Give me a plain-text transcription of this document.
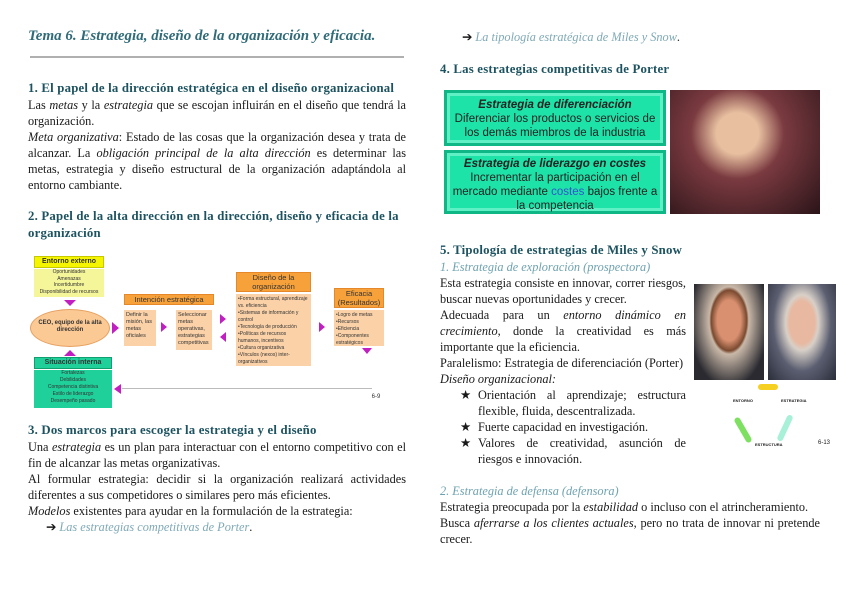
Tema 6. Estrategia, diseño de la organización y eficacia.
1. El papel de la dirección estratégica en el diseño organizacional

Las metas y la estrategia que se escojan influirán en el diseño que tendrá la organización.

Meta organizativa: Estado de las cosas que la organización desea y trata de alcanzar. La obligación principal de la alta dirección es determinar las metas, estrategia y diseño estructural de la organización adaptándola al entorno cambiante.

2. Papel de la alta dirección en la dirección, diseño y eficacia de la organización
Entorno externo
Oportunidades
Amenazas
Incertidumbre
Disponibilidad de recursos
CEO, equipo de la alta dirección
Situación interna
Fortalezas
Debilidades
Competencia distintiva
Estilo de liderazgo
Desempeño pasado
Intención estratégica
Definir la misión, las metas oficiales
Seleccionar metas operativas, estrategias competitivas
Diseño de la organización
•Forma estructural, aprendizaje vs. eficiencia
•Sistemas de información y control
•Tecnología de producción
•Políticas de recursos humanos, incentivos
•Cultura organizativa
•Vínculos (nexos) inter-organizativos
Eficacia (Resultados)
•Logro de metas
•Recursos
•Eficiencia
•Componentes estratégicos
6-9
3. Dos marcos para escoger la estrategia y el diseño

Una estrategia es un plan para interactuar con el entorno competitivo con el fin de alcanzar las metas organizativas.

Al formular estrategia: decidir si la organización realizará actividades diferentes a sus competidores o similares pero más eficientes.

Modelos existentes para ayudar en la formulación de la estrategia:

➔ Las estrategias competitivas de Porter.
➔ La tipología estratégica de Miles y Snow.
4. Las estrategias competitivas de Porter
Estrategia de diferenciación
Diferenciar los productos o servicios de los demás miembros de la industria
Estrategia de liderazgo en costes
Incrementar la participación en el mercado mediante costes bajos frente a la competencia
5. Tipología de estrategias de Miles y Snow
1. Estrategia de exploración (prospectora)

Esta estrategia consiste en innovar, correr riesgos, buscar nuevas oportunidades y crecer.

Adecuada para un entorno dinámico en crecimiento, donde la creatividad es más importante que la eficiencia.

Paralelismo: Estrategia de diferenciación (Porter)

Diseño organizacional:

★ Orientación al aprendizaje; estructura flexible, fluida, descentralizada.
★ Fuerte capacidad en investigación.
★ Valores de creatividad, asunción de riesgos e innovación.
ENTORNO	ESTRATEGIA
ESTRUCTURA	6-13
2. Estrategia de defensa (defensora)

Estrategia preocupada por la estabilidad o incluso con el atrincheramiento.

Busca aferrarse a los clientes actuales, pero no trata de innovar ni pretende crecer.
